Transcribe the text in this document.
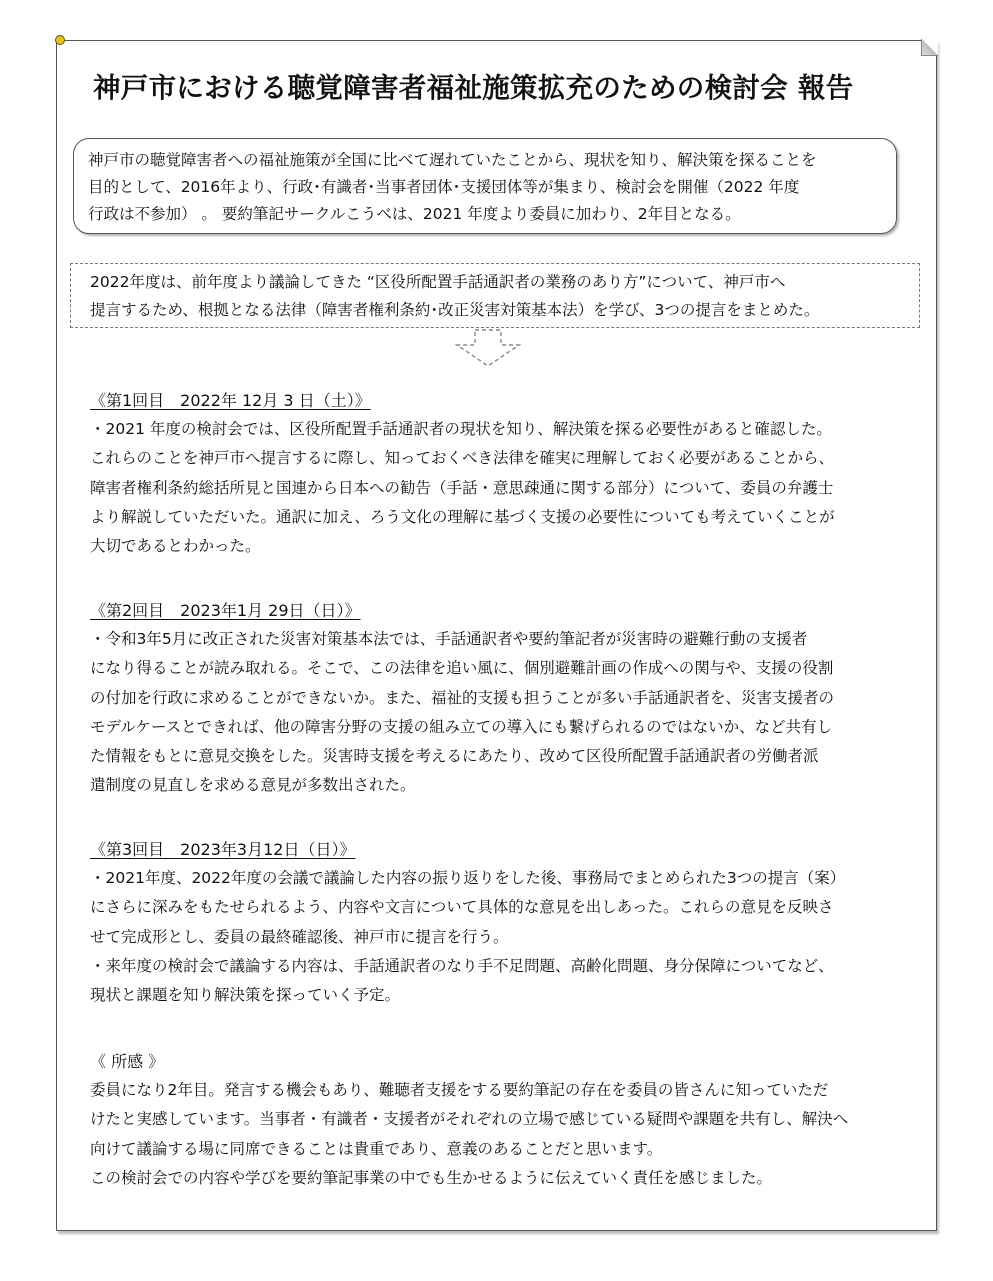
神戸市における聴覚障害者福祉施策拡充のための検討会 報告

神戸市の聴覚障害者への福祉施策が全国に比べて遅れていたことから、現状を知り、解決策を探ることを

目的として、2016年より、行政･有識者･当事者団体･支援団体等が集まり、検討会を開催（2022 年度

行政は不参加） 。 要約筆記サークルこうべは、2021 年度より委員に加わり、2年目となる。

2022年度は、前年度より議論してきた “区役所配置手話通訳者の業務のあり方”について、神戸市へ

提言するため、根拠となる法律（障害者権利条約･改正災害対策基本法）を学び、3つの提言をまとめた。

《第1回目　2022年 12月 3 日（土）》

・2021 年度の検討会では、区役所配置手話通訳者の現状を知り、解決策を探る必要性があると確認した。

これらのことを神戸市へ提言するに際し、知っておくべき法律を確実に理解しておく必要があることから、

障害者権利条約総括所見と国連から日本への勧告（手話・意思疎通に関する部分）について、委員の弁護士

より解説していただいた。通訳に加え、ろう文化の理解に基づく支援の必要性についても考えていくことが

大切であるとわかった。

《第2回目　2023年1月 29日（日）》

・令和3年5月に改正された災害対策基本法では、手話通訳者や要約筆記者が災害時の避難行動の支援者

になり得ることが読み取れる。そこで、この法律を追い風に、個別避難計画の作成への関与や、支援の役割

の付加を行政に求めることができないか。また、福祉的支援も担うことが多い手話通訳者を、災害支援者の

モデルケースとできれば、他の障害分野の支援の組み立ての導入にも繋げられるのではないか、など共有し

た情報をもとに意見交換をした。災害時支援を考えるにあたり、改めて区役所配置手話通訳者の労働者派

遣制度の見直しを求める意見が多数出された。

《第3回目　2023年3月12日（日）》

・2021年度、2022年度の会議で議論した内容の振り返りをした後、事務局でまとめられた3つの提言（案）

にさらに深みをもたせられるよう、内容や文言について具体的な意見を出しあった。これらの意見を反映さ

せて完成形とし、委員の最終確認後、神戸市に提言を行う。

・来年度の検討会で議論する内容は、手話通訳者のなり手不足問題、高齢化問題、身分保障についてなど、

現状と課題を知り解決策を探っていく予定。

《 所感 》

委員になり2年目。発言する機会もあり、難聴者支援をする要約筆記の存在を委員の皆さんに知っていただ

けたと実感しています。当事者・有識者・支援者がそれぞれの立場で感じている疑問や課題を共有し、解決へ

向けて議論する場に同席できることは貴重であり、意義のあることだと思います。

この検討会での内容や学びを要約筆記事業の中でも生かせるように伝えていく責任を感じました。
